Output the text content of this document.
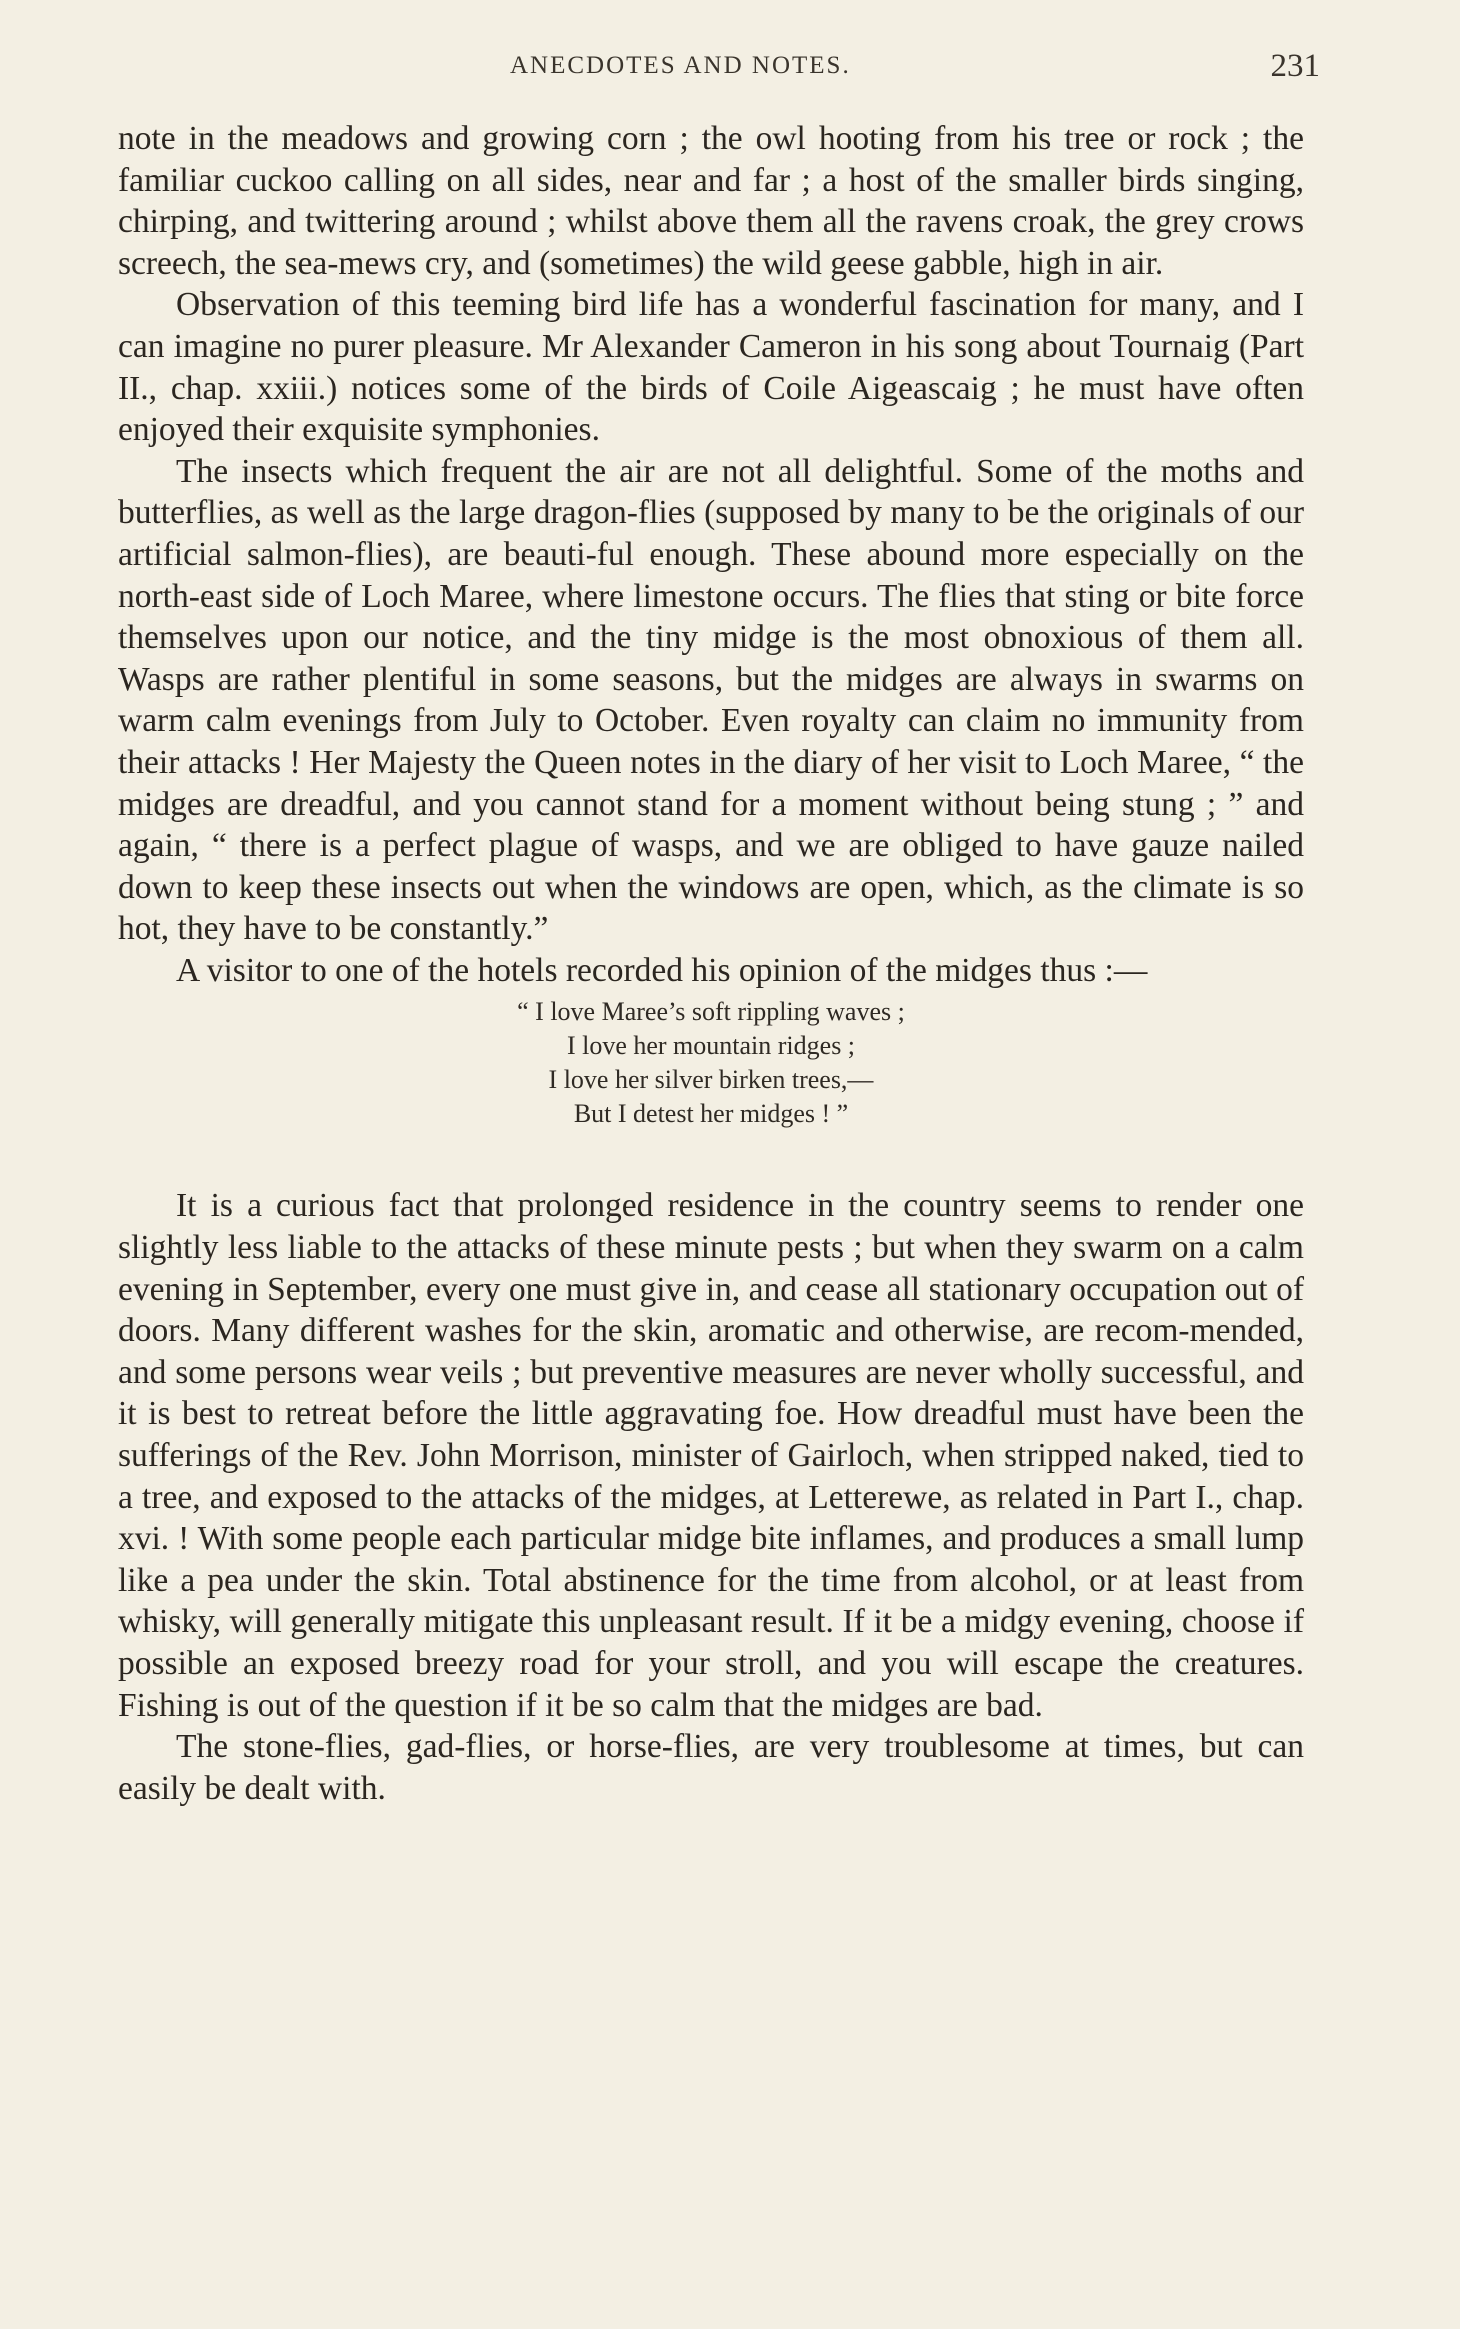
ANECDOTES AND NOTES.	231

note in the meadows and growing corn ; the owl hooting from his tree or rock ; the familiar cuckoo calling on all sides, near and far ; a host of the smaller birds singing, chirping, and twittering around ; whilst above them all the ravens croak, the grey crows screech, the sea-mews cry, and (sometimes) the wild geese gabble, high in air.

Observation of this teeming bird life has a wonderful fascination for many, and I can imagine no purer pleasure. Mr Alexander Cameron in his song about Tournaig (Part II., chap. xxiii.) notices some of the birds of Coile Aigeascaig ; he must have often enjoyed their exquisite symphonies.

The insects which frequent the air are not all delightful. Some of the moths and butterflies, as well as the large dragon-flies (supposed by many to be the originals of our artificial salmon-flies), are beauti-ful enough. These abound more especially on the north-east side of Loch Maree, where limestone occurs. The flies that sting or bite force themselves upon our notice, and the tiny midge is the most obnoxious of them all. Wasps are rather plentiful in some seasons, but the midges are always in swarms on warm calm evenings from July to October. Even royalty can claim no immunity from their attacks ! Her Majesty the Queen notes in the diary of her visit to Loch Maree, “ the midges are dreadful, and you cannot stand for a moment without being stung ; ” and again, “ there is a perfect plague of wasps, and we are obliged to have gauze nailed down to keep these insects out when the windows are open, which, as the climate is so hot, they have to be constantly.”

A visitor to one of the hotels recorded his opinion of the midges thus :—

“ I love Maree’s soft rippling waves ;
I love her mountain ridges ;
I love her silver birken trees,—
But I detest her midges ! ”

It is a curious fact that prolonged residence in the country seems to render one slightly less liable to the attacks of these minute pests ; but when they swarm on a calm evening in September, every one must give in, and cease all stationary occupation out of doors. Many different washes for the skin, aromatic and otherwise, are recom-mended, and some persons wear veils ; but preventive measures are never wholly successful, and it is best to retreat before the little aggravating foe. How dreadful must have been the sufferings of the Rev. John Morrison, minister of Gairloch, when stripped naked, tied to a tree, and exposed to the attacks of the midges, at Letterewe, as related in Part I., chap. xvi. ! With some people each particular midge bite inflames, and produces a small lump like a pea under the skin. Total abstinence for the time from alcohol, or at least from whisky, will generally mitigate this unpleasant result. If it be a midgy evening, choose if possible an exposed breezy road for your stroll, and you will escape the creatures. Fishing is out of the question if it be so calm that the midges are bad.

The stone-flies, gad-flies, or horse-flies, are very troublesome at times, but can easily be dealt with.
